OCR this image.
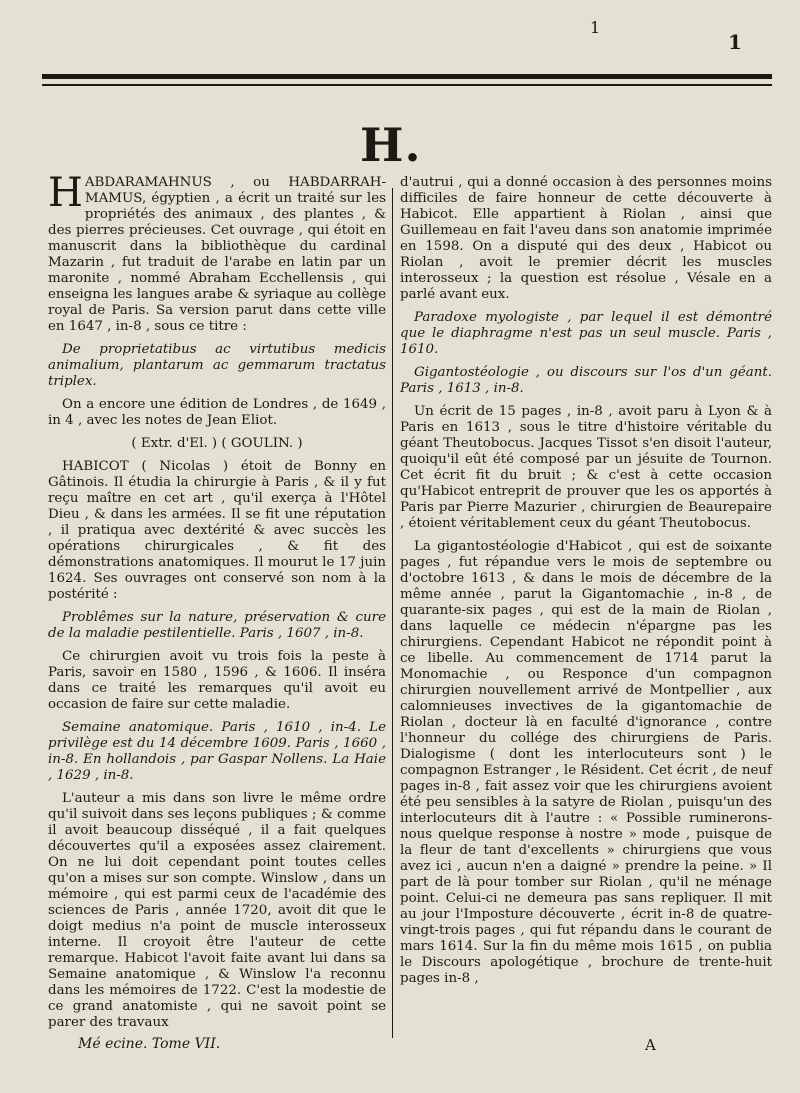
1
1
H.

HABDARAMAHNUS , ou HABDARRAH-MAMUS, égyptien , a écrit un traité sur les propriétés des animaux , des plantes , & des pierres précieuses. Cet ouvrage , qui étoit en manuscrit dans la bibliothèque du cardinal Mazarin , fut traduit de l'arabe en latin par un maronite , nommé Abraham Ecchellensis , qui enseigna les langues arabe & syriaque au collège royal de Paris. Sa version parut dans cette ville en 1647 , in-8 , sous ce titre :

De proprietatibus ac virtutibus medicis animalium, plantarum ac gemmarum tractatus triplex.

On a encore une édition de Londres , de 1649 , in 4 , avec les notes de Jean Eliot.

( Extr. d'El. ) ( GOULIN. )

HABICOT ( Nicolas ) étoit de Bonny en Gâtinois. Il étudia la chirurgie à Paris , & il y fut reçu maître en cet art , qu'il exerça à l'Hôtel Dieu , & dans les armées. Il se fit une réputation , il pratiqua avec dextérité & avec succès les opérations chirurgicales , & fit des démonstrations anatomiques. Il mourut le 17 juin 1624. Ses ouvrages ont conservé son nom à la postérité :

Problêmes sur la nature, préservation & cure de la maladie pestilentielle. Paris , 1607 , in-8.

Ce chirurgien avoit vu trois fois la peste à Paris, savoir en 1580 , 1596 , & 1606. Il inséra dans ce traité les remarques qu'il avoit eu occasion de faire sur cette maladie.

Semaine anatomique. Paris , 1610 , in-4. Le privilège est du 14 décembre 1609. Paris , 1660 , in-8. En hollandois , par Gaspar Nollens. La Haie , 1629 , in-8.

L'auteur a mis dans son livre le même ordre qu'il suivoit dans ses leçons publiques ; & comme il avoit beaucoup disséqué , il a fait quelques découvertes qu'il a exposées assez clairement. On ne lui doit cependant point toutes celles qu'on a mises sur son compte. Winslow , dans un mémoire , qui est parmi ceux de l'académie des sciences de Paris , année 1720, avoit dit que le doigt medius n'a point de muscle interosseux interne. Il croyoit être l'auteur de cette remarque. Habicot l'avoit faite avant lui dans sa Semaine anatomique , & Winslow l'a reconnu dans les mémoires de 1722. C'est la modestie de ce grand anatomiste , qui ne savoit point se parer des travaux

d'autrui , qui a donné occasion à des personnes moins difficiles de faire honneur de cette découverte à Habicot. Elle appartient à Riolan , ainsi que Guillemeau en fait l'aveu dans son anatomie imprimée en 1598. On a disputé qui des deux , Habicot ou Riolan , avoit le premier décrit les muscles interosseux ; la question est résolue , Vésale en a parlé avant eux.

Paradoxe myologiste , par lequel il est démontré que le diaphragme n'est pas un seul muscle. Paris , 1610.

Gigantostéologie , ou discours sur l'os d'un géant. Paris , 1613 , in-8.

Un écrit de 15 pages , in-8 , avoit paru à Lyon & à Paris en 1613 , sous le titre d'histoire véritable du géant Theutobocus. Jacques Tissot s'en disoit l'auteur, quoiqu'il eût été composé par un jésuite de Tournon. Cet écrit fit du bruit ; & c'est à cette occasion qu'Habicot entreprit de prouver que les os apportés à Paris par Pierre Mazurier , chirurgien de Beaurepaire , étoient véritablement ceux du géant Theutobocus.

La gigantostéologie d'Habicot , qui est de soixante pages , fut répandue vers le mois de septembre ou d'octobre 1613 , & dans le mois de décembre de la même année , parut la Gigantomachie , in-8 , de quarante-six pages , qui est de la main de Riolan , dans laquelle ce médecin n'épargne pas les chirurgiens. Cependant Habicot ne répondit point à ce libelle. Au commencement de 1714 parut la Monomachie , ou Responce d'un compagnon chirurgien nouvellement arrivé de Montpellier , aux calomnieuses invectives de la gigantomachie de Riolan , docteur là en faculté d'ignorance , contre l'honneur du collége des chirurgiens de Paris. Dialogisme ( dont les interlocuteurs sont ) le compagnon Estranger , le Résident. Cet écrit , de neuf pages in-8 , fait assez voir que les chirurgiens avoient été peu sensibles à la satyre de Riolan , puisqu'un des interlocuteurs dit à l'autre : « Possible ruminerons-nous quelque response à nostre » mode , puisque de la fleur de tant d'excellents » chirurgiens que vous avez ici , aucun n'en a daigné » prendre la peine. » Il part de là pour tomber sur Riolan , qu'il ne ménage point. Celui-ci ne demeura pas sans repliquer. Il mit au jour l'Imposture découverte , écrit in-8 de quatre-vingt-trois pages , qui fut répandu dans le courant de mars 1614. Sur la fin du même mois 1615 , on publia le Discours apologétique , brochure de trente-huit pages in-8 ,

Mé ecine. Tome VII.	A
